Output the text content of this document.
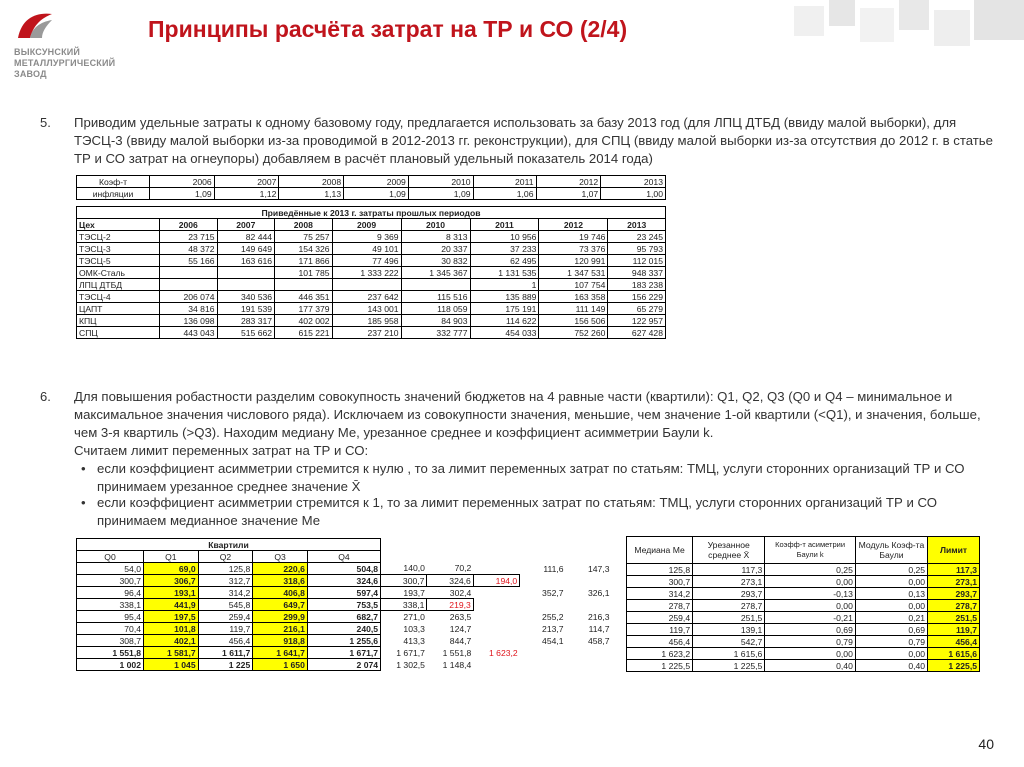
ВЫКСУНСКИЙ
МЕТАЛЛУРГИЧЕСКИЙ
ЗАВОД
Принципы расчёта затрат на ТР и СО (2/4)
5. Приводим удельные затраты к одному базовому году, предлагается использовать за базу 2013 год (для ЛПЦ ДТБД (ввиду малой выборки), для ТЭСЦ-3 (ввиду малой выборки из-за проводимой в 2012-2013 гг. реконструкции), для СПЦ (ввиду малой выборки из-за отсутствия до 2012 г. в статье ТР и СО затрат на огнеупоры) добавляем в расчёт плановый удельный показатель 2014 года)
Коэф-т	2006	2007	2008	2009	2010	2011	2012	2013
инфляции	1,09	1,12	1,13	1,09	1,09	1,06	1,07	1,00
Приведённые к 2013 г. затраты прошлых периодов								
Цех	2006	2007	2008	2009	2010	2011	2012	2013
ТЭСЦ-2	23 715	82 444	75 257	9 369	8 313	10 956	19 746	23 245
ТЭСЦ-3	48 372	149 649	154 326	49 101	20 337	37 233	73 376	95 793
ТЭСЦ-5	55 166	163 616	171 866	77 496	30 832	62 495	120 991	112 015
ОМК-Сталь			101 785	1 333 222	1 345 367	1 131 535	1 347 531	948 337
ЛПЦ ДТБД						1	107 754	183 238
ТЭСЦ-4	206 074	340 536	446 351	237 642	115 516	135 889	163 358	156 229
ЦАПТ	34 816	191 539	177 379	143 001	118 059	175 191	111 149	65 279
КПЦ	136 098	283 317	402 002	185 958	84 903	114 622	156 506	122 957
СПЦ	443 043	515 662	615 221	237 210	332 777	454 033	752 260	627 428
6. Для повышения робастности разделим совокупность значений бюджетов на 4 равные части (квартили): Q1, Q2, Q3 (Q0 и Q4 – минимальное и максимальное значения числового ряда). Исключаем из совокупности значения, меньшие, чем значение 1-ой квартили (<Q1), и значения, больше, чем 3-я квартиль (>Q3). Находим медиану Ме, урезанное среднее и коэффициент асимметрии Баули k.
Считаем лимит переменных затрат на ТР и СО:
• если коэффициент асимметрии стремится к нулю , то за лимит переменных затрат по статьям: ТМЦ, услуги сторонних организаций ТР и СО принимаем урезанное среднее значение X̄
• если коэффициент асимметрии стремится к 1, то за лимит переменных затрат по статьям: ТМЦ, услуги сторонних организаций ТР и СО принимаем медианное значение Ме
Квартили									
Q0	Q1	Q2	Q3	Q4					
54,0	69,0	125,8	220,6	504,8	140,0	70,2		111,6	147,3
300,7	306,7	312,7	318,6	324,6	300,7	324,6	194,0		
96,4	193,1	314,2	406,8	597,4	193,7	302,4		352,7	326,1
338,1	441,9	545,8	649,7	753,5	338,1	219,3			
95,4	197,5	259,4	299,9	682,7	271,0	263,5		255,2	216,3
70,4	101,8	119,7	216,1	240,5	103,3	124,7		213,7	114,7
308,7	402,1	456,4	918,8	1 255,6	413,3	844,7		454,1	458,7
1 551,8	1 581,7	1 611,7	1 641,7	1 671,7	1 671,7	1 551,8	1 623,2		
1 002	1 045	1 225	1 650	2 074	1 302,5	1 148,4			
Медиана Ме	Урезанное среднее X̄	Коэфф-т асиметрии Баули k	Модуль Коэф-та Баули	Лимит
125,8	117,3	0,25	0,25	117,3
300,7	273,1	0,00	0,00	273,1
314,2	293,7	-0,13	0,13	293,7
278,7	278,7	0,00	0,00	278,7
259,4	251,5	-0,21	0,21	251,5
119,7	139,1	0,69	0,69	119,7
456,4	542,7	0,79	0,79	456,4
1 623,2	1 615,6	0,00	0,00	1 615,6
1 225,5	1 225,5	0,40	0,40	1 225,5
40
